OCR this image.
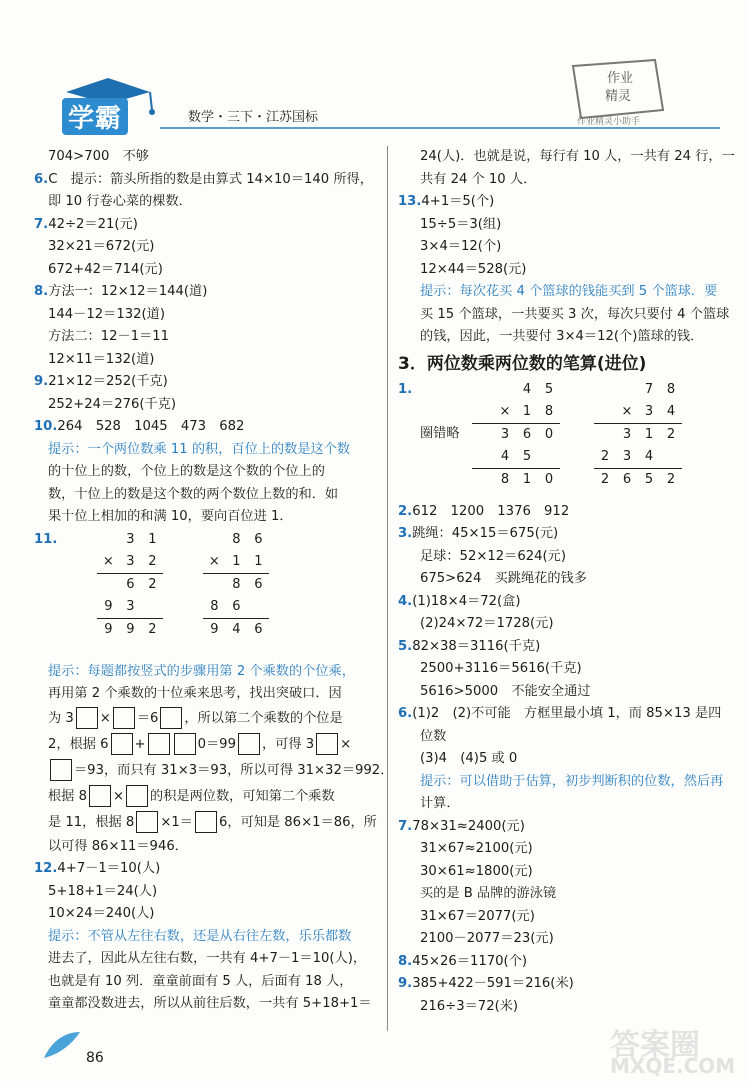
学霸	数学・三下・江苏国标
作业
精灵
作业精灵小助手
704>700　不够
6.C　提示：箭头所指的数是由算式 14×10＝140 所得，
即 10 行卷心菜的棵数．
7.42÷2＝21(元)
32×21＝672(元)
672+42＝714(元)
8.方法一：12×12＝144(道)
144－12＝132(道)
方法二：12－1＝11
12×11＝132(道)
9.21×12＝252(千克)
252+24＝276(千克)
10.264　528　1045　473　682
提示：一个两位数乘 11 的积，百位上的数是这个数
的十位上的数，个位上的数是这个数的个位上的
数，十位上的数是这个数的两个数位上数的和．如
果十位上相加的和满 10，要向百位进 1．
11.	3	1
× 3	2
6	2
9	3
9	9	2
8	6
× 1	1
8	6
8	6
9	4	6
提示：每题都按竖式的步骤用第 2 个乘数的个位乘，
再用第 2 个乘数的十位乘来思考，找出突破口．因
为 3 × ＝6 ，所以第二个乘数的个位是
2，根据 6 +	0＝99 ，可得 3 ×
＝93，而只有 31×3＝93，所以可得 31×32＝992．
根据 8 × 的积是两位数，可知第二个乘数
是 11，根据 8 ×1＝ 6，可知是 86×1＝86，所
以可得 86×11＝946．
12.4+7－1＝10(人)
5+18+1＝24(人)
10×24＝240(人)
提示：不管从左往右数，还是从右往左数，乐乐都数
进去了，因此从左往右数，一共有 4+7－1＝10(人)，
也就是有 10 列．童童前面有 5 人，后面有 18 人，
童童都没数进去，所以从前往后数，一共有 5+18+1＝
24(人)．也就是说，每行有 10 人，一共有 24 行，一
共有 24 个 10 人．
13.4+1＝5(个)
15÷5＝3(组)
3×4＝12(个)
12×44＝528(元)
提示：每次花买 4 个篮球的钱能买到 5 个篮球．要
买 15 个篮球，一共要买 3 次，每次只要付 4 个篮球
的钱，因此，一共要付 3×4＝12(个)篮球的钱．
3．两位数乘两位数的笔算(进位)
1.
圈错略
4	5
× 1	8
3	6	0
4	5
8	1	0
7	8
× 3	4
3	1	2
2	3	4
2	6	5	2
2.612　1200　1376　912
3.跳绳：45×15＝675(元)
足球：52×12＝624(元)
675>624　买跳绳花的钱多
4.(1)18×4＝72(盒)
(2)24×72＝1728(元)
5.82×38＝3116(千克)
2500+3116＝5616(千克)
5616>5000　不能安全通过
6.(1)2　(2)不可能　方框里最小填 1，而 85×13 是四
位数
(3)4　(4)5 或 0
提示：可以借助于估算，初步判断积的位数，然后再
计算．
7.78×31≈2400(元)
31×67≈2100(元)
30×61≈1800(元)
买的是 B 品牌的游泳镜
31×67＝2077(元)
2100－2077＝23(元)
8.45×26＝1170(个)
9.385+422－591＝216(米)
216÷3＝72(米)
86	答案圈
MXQE.COM
